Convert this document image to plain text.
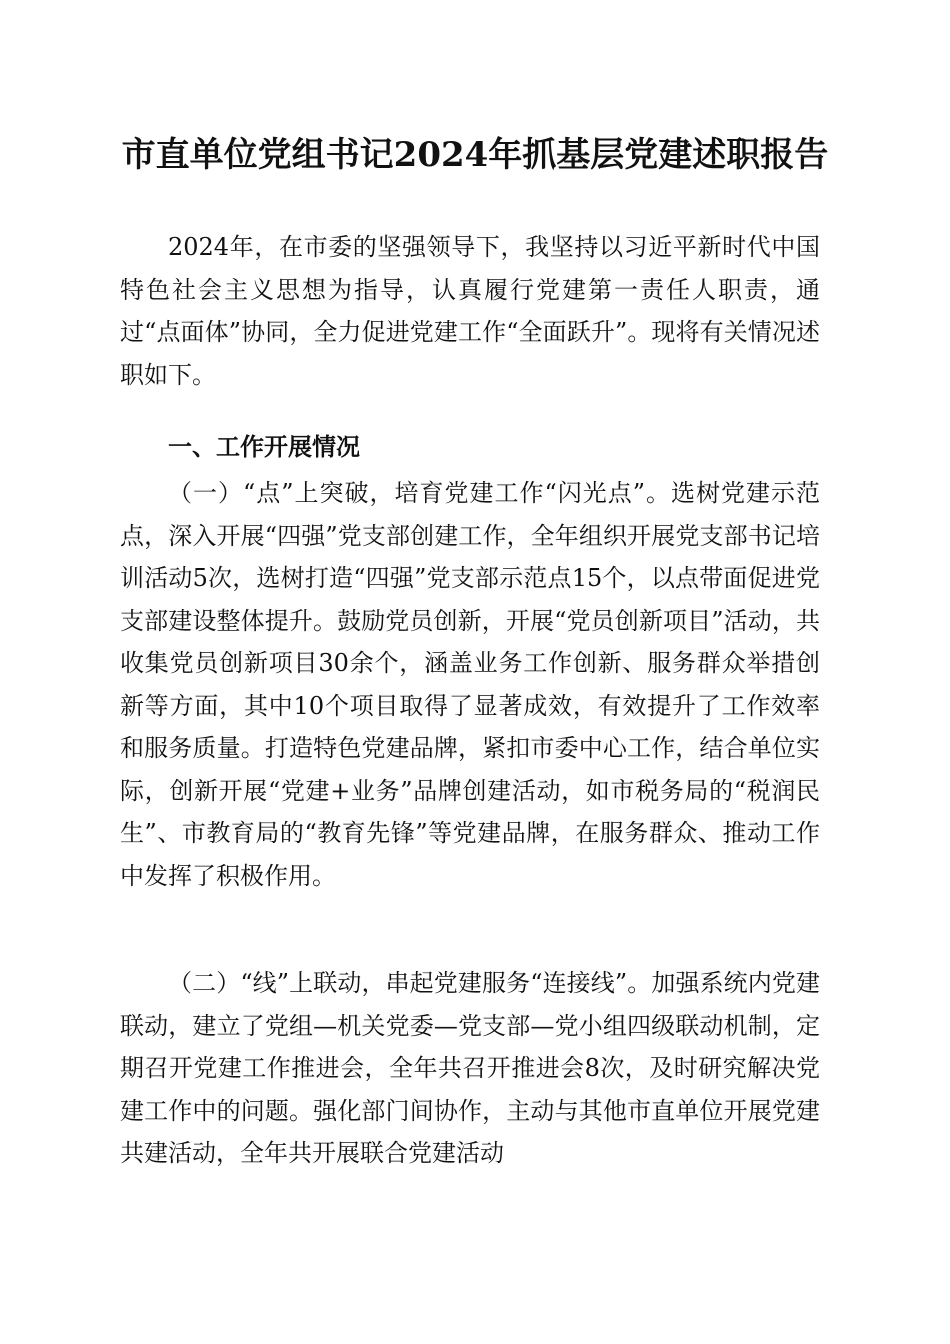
市直单位党组书记2024年抓基层党建述职报告

2024年，在市委的坚强领导下，我坚持以习近平新时代中国特色社会主义思想为指导，认真履行党建第一责任人职责，通过“点面体”协同，全力促进党建工作“全面跃升”。现将有关情况述职如下。

一、工作开展情况

（一）“点”上突破，培育党建工作“闪光点”。选树党建示范点，深入开展“四强”党支部创建工作，全年组织开展党支部书记培训活动5次，选树打造“四强”党支部示范点15个，以点带面促进党支部建设整体提升。鼓励党员创新，开展“党员创新项目”活动，共收集党员创新项目30余个，涵盖业务工作创新、服务群众举措创新等方面，其中10个项目取得了显著成效，有效提升了工作效率和服务质量。打造特色党建品牌，紧扣市委中心工作，结合单位实际，创新开展“党建+业务”品牌创建活动，如市税务局的“税润民生”、市教育局的“教育先锋”等党建品牌，在服务群众、推动工作中发挥了积极作用。

（二）“线”上联动，串起党建服务“连接线”。加强系统内党建联动，建立了党组—机关党委—党支部—党小组四级联动机制，定期召开党建工作推进会，全年共召开推进会8次，及时研究解决党建工作中的问题。强化部门间协作，主动与其他市直单位开展党建共建活动，全年共开展联合党建活动
